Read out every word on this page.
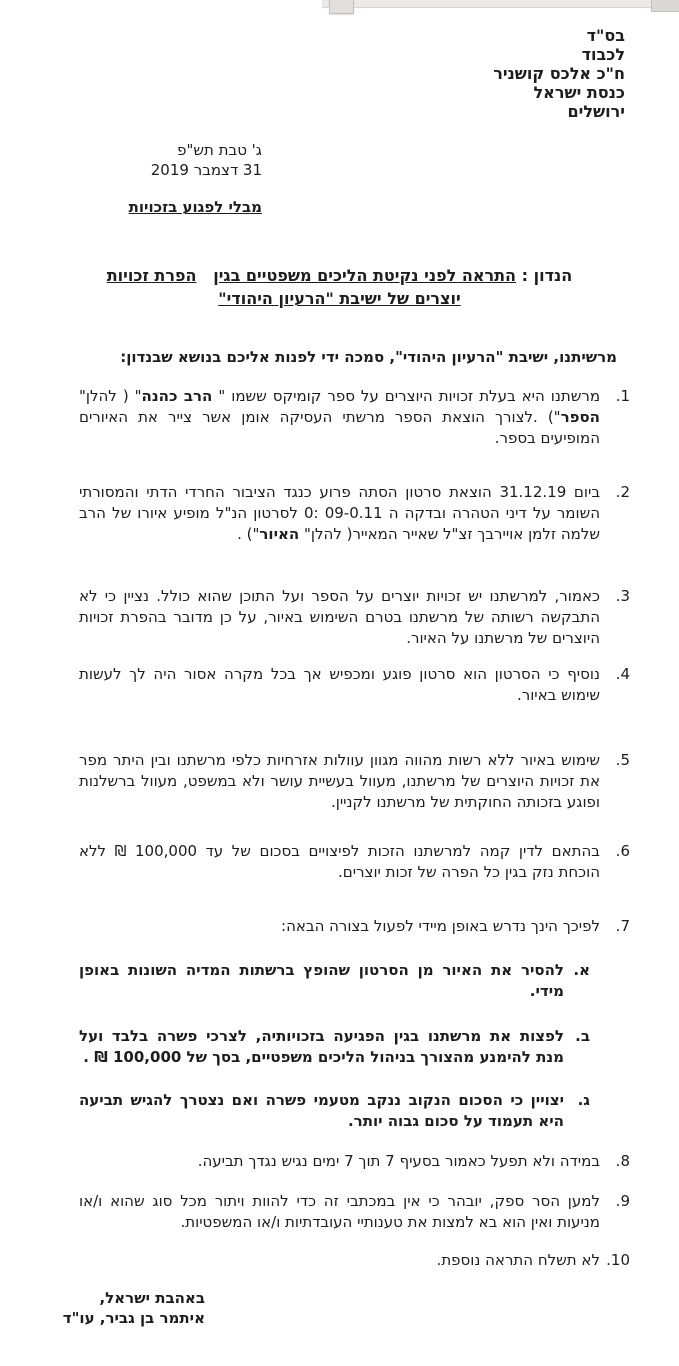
בס"ד
לכבוד
ח"כ אלכס קושניר
כנסת ישראל
ירושלים
ג' טבת תש"פ
31 דצמבר 2019
מבלי לפגוע בזכויות
הנדון : התראה לפני נקיטת הליכים משפטיים בגין   הפרת זכויות
יוצרים של ישיבת "הרעיון היהודי"
מרשיתנו, ישיבת "הרעיון היהודי", סמכה ידי לפנות אליכם בנושא שבנדון:
1.
מרשתנו היא בעלת זכויות היוצרים על ספר קומיקס ששמו " הרב כהנה" ( להלן" הספר") .לצורך הוצאת הספר מרשתי העסיקה אומן אשר צייר את האיורים המופיעים בספר.
2.
ביום 31.12.19 הוצאת סרטון הסתה פרוע כנגד הציבור החרדי הדתי והמסורתי השומר על דיני הטהרה ובדקה ה 0: 09-0.11 לסרטון הנ"ל מופיע איורו של הרב שלמה זלמן אויירבך זצ"ל שאייר המאייר( להלן" האיור") .
3.
כאמור, למרשתנו יש זכויות יוצרים על הספר ועל התוכן שהוא כולל. נציין כי לא התבקשה רשותה של מרשתנו בטרם השימוש באיור, על כן מדובר בהפרת זכויות היוצרים של מרשתנו על האיור.
4.
נוסיף כי הסרטון הוא סרטון פוגע ומכפיש אך בכל מקרה אסור היה לך לעשות שימוש באיור.
5.
שימוש באיור ללא רשות מהווה מגוון עוולות אזרחיות כלפי מרשתנו ובין היתר מפר את זכויות היוצרים של מרשתנו, מעוול בעשיית עושר ולא במשפט, מעוול ברשלנות ופוגע בזכותה החוקתית של מרשתנו לקניין.
6.
בהתאם לדין קמה למרשתנו הזכות לפיצויים בסכום של עד 100,000 ₪ ללא הוכחת נזק בגין כל הפרה של זכות יוצרים.
7.
לפיכך הינך נדרש באופן מיידי לפעול בצורה הבאה:
א.
להסיר את האיור מן הסרטון שהופץ ברשתות המדיה השונות באופן מידי.
ב.
לפצות את מרשתנו בגין הפגיעה בזכויותיה, לצרכי פשרה בלבד ועל מנת להימנע מהצורך בניהול הליכים משפטיים, בסך של 100,000 ₪ .
ג.
יצויין כי הסכום הנקוב ננקב מטעמי פשרה ואם נצטרך להגיש תביעה היא תעמוד על סכום גבוה יותר.
8.
במידה ולא תפעל כאמור בסעיף 7 תוך 7 ימים נגיש נגדך תביעה.
9.
למען הסר ספק, יובהר כי אין במכתבי זה כדי להוות ויתור מכל סוג שהוא ו/או מניעות ואין הוא בא למצות את טענותיי העובדתיות ו/או המשפטיות.
10.
לא תשלח התראה נוספת.
באהבת ישראל,
איתמר בן גביר, עו"ד
